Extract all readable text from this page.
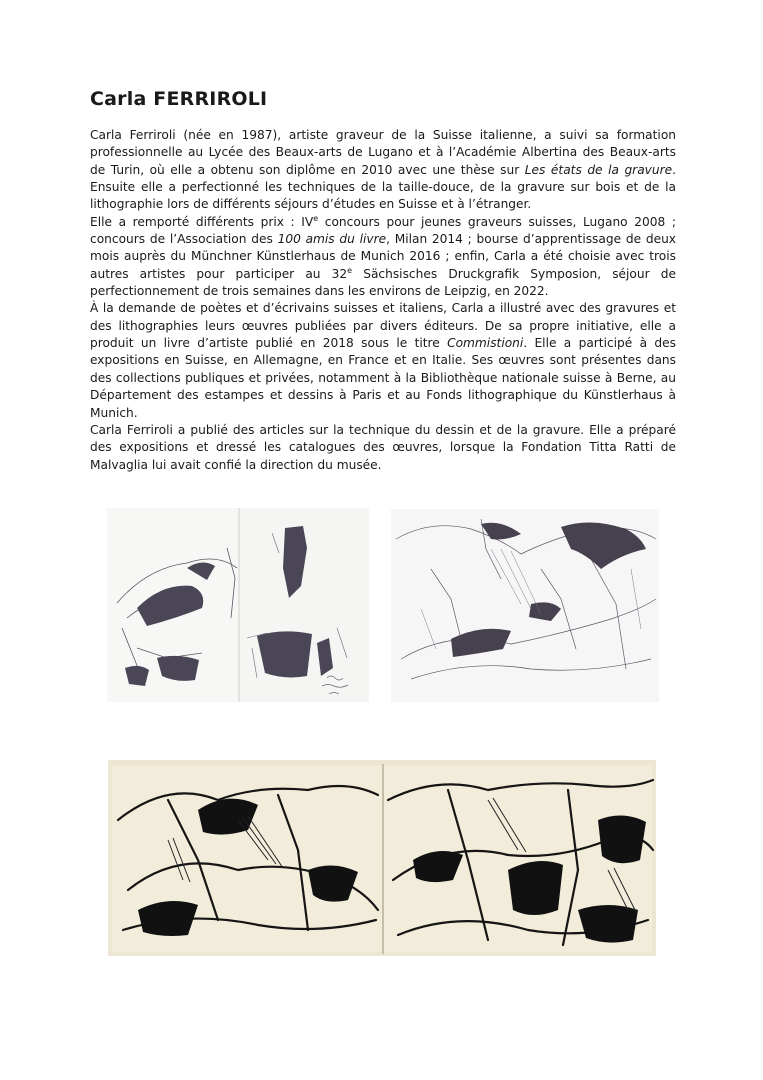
Carla FERRIROLI

Carla Ferriroli (née en 1987), artiste graveur de la Suisse italienne, a suivi sa formation professionnelle au Lycée des Beaux-arts de Lugano et à l’Académie Albertina des Beaux-arts de Turin, où elle a obtenu son diplôme en 2010 avec une thèse sur Les états de la gravure. Ensuite elle a perfectionné les techniques de la taille-douce, de la gravure sur bois et de la lithographie lors de différents séjours d’études en Suisse et à l’étranger.

Elle a remporté différents prix : IVe concours pour jeunes graveurs suisses, Lugano 2008 ; concours de l’Association des 100 amis du livre, Milan 2014 ; bourse d’apprentissage de deux mois auprès du Münchner Künstlerhaus de Munich 2016 ; enfin, Carla a été choisie avec trois autres artistes pour participer au 32e Sächsisches Druckgrafik Symposion, séjour de perfectionnement de trois semaines dans les environs de Leipzig, en 2022.

À la demande de poètes et d’écrivains suisses et italiens, Carla a illustré avec des gravures et des lithographies leurs œuvres publiées par divers éditeurs. De sa propre initiative, elle a produit un livre d’artiste publié en 2018 sous le titre Commistioni. Elle a participé à des expositions en Suisse, en Allemagne, en France et en Italie. Ses œuvres sont présentes dans des collections publiques et privées, notamment à la Bibliothèque nationale suisse à Berne, au Département des estampes et dessins à Paris et au Fonds lithographique du Künstlerhaus à Munich.

Carla Ferriroli a publié des articles sur la technique du dessin et de la gravure. Elle a préparé des expositions et dressé les catalogues des œuvres, lorsque la Fondation Titta Ratti de Malvaglia lui avait confié la direction du musée.
